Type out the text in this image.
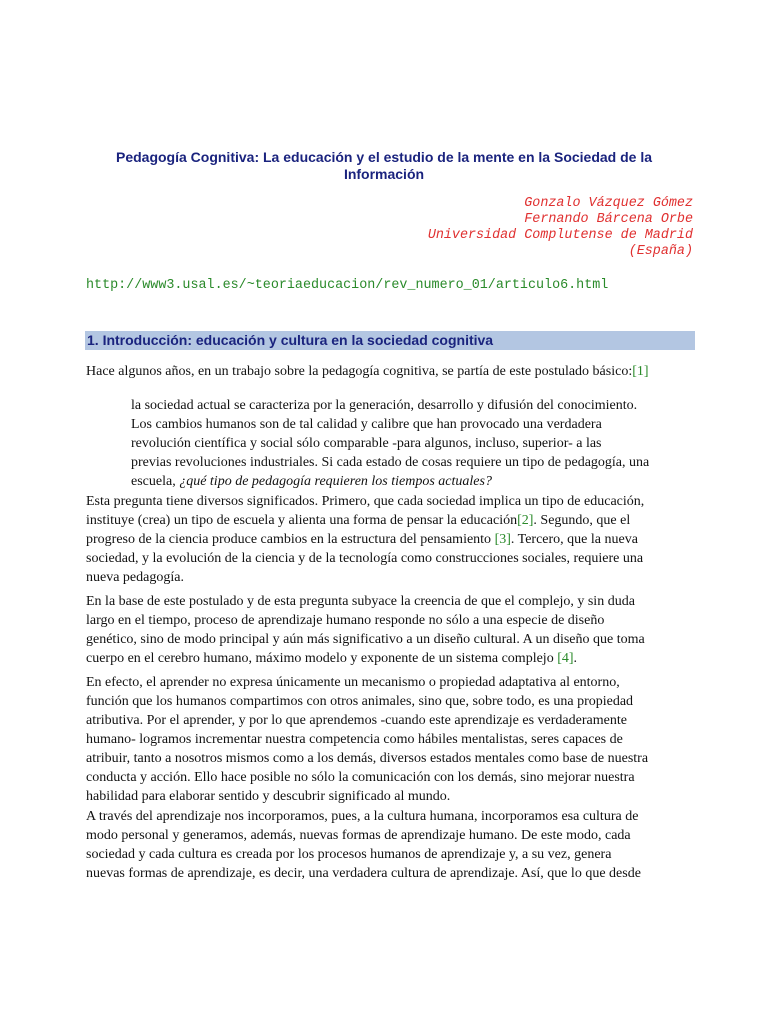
Pedagogía Cognitiva: La educación y el estudio de la mente en la Sociedad de la
Información
Gonzalo Vázquez Gómez
Fernando Bárcena Orbe
Universidad Complutense de Madrid
(España)
http://www3.usal.es/~teoriaeducacion/rev_numero_01/articulo6.html
1. Introducción: educación y cultura en la sociedad cognitiva

Hace algunos años, en un trabajo sobre la pedagogía cognitiva, se partía de este postulado básico:[1]

la sociedad actual se caracteriza por la generación, desarrollo y difusión del conocimiento.
Los cambios humanos son de tal calidad y calibre que han provocado una verdadera
revolución científica y social sólo comparable -para algunos, incluso, superior- a las
previas revoluciones industriales. Si cada estado de cosas requiere un tipo de pedagogía, una
escuela, ¿qué tipo de pedagogía requieren los tiempos actuales?

Esta pregunta tiene diversos significados. Primero, que cada sociedad implica un tipo de educación,
instituye (crea) un tipo de escuela y alienta una forma de pensar la educación[2]. Segundo, que el
progreso de la ciencia produce cambios en la estructura del pensamiento [3]. Tercero, que la nueva
sociedad, y la evolución de la ciencia y de la tecnología como construcciones sociales, requiere una
nueva pedagogía.

En la base de este postulado y de esta pregunta subyace la creencia de que el complejo, y sin duda
largo en el tiempo, proceso de aprendizaje humano responde no sólo a una especie de diseño
genético, sino de modo principal y aún más significativo a un diseño cultural. A un diseño que toma
cuerpo en el cerebro humano, máximo modelo y exponente de un sistema complejo [4].

En efecto, el aprender no expresa únicamente un mecanismo o propiedad adaptativa al entorno,
función que los humanos compartimos con otros animales, sino que, sobre todo, es una propiedad
atributiva. Por el aprender, y por lo que aprendemos -cuando este aprendizaje es verdaderamente
humano- logramos incrementar nuestra competencia como hábiles mentalistas, seres capaces de
atribuir, tanto a nosotros mismos como a los demás, diversos estados mentales como base de nuestra
conducta y acción. Ello hace posible no sólo la comunicación con los demás, sino mejorar nuestra
habilidad para elaborar sentido y descubrir significado al mundo.

A través del aprendizaje nos incorporamos, pues, a la cultura humana, incorporamos esa cultura de
modo personal y generamos, además, nuevas formas de aprendizaje humano. De este modo, cada
sociedad y cada cultura es creada por los procesos humanos de aprendizaje y, a su vez, genera
nuevas formas de aprendizaje, es decir, una verdadera cultura de aprendizaje. Así, que lo que desde
